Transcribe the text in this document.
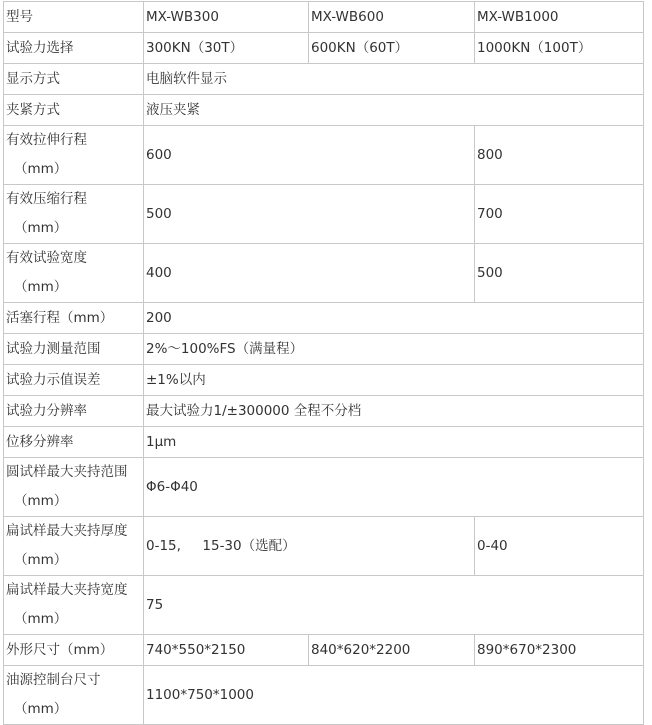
型号	MX-WB300	MX-WB600	MX-WB1000
试验力选择	300KN（30T）	600KN（60T）	1000KN（100T）
显示方式	电脑软件显示		
夹紧方式	液压夹紧		
有效拉伸行程
（mm）	600		800
有效压缩行程
（mm）	500		700
有效试验宽度
（mm）	400		500
活塞行程（mm）	200		
试验力测量范围	2%～100%FS（满量程）		
试验力示值误差	±1%以内		
试验力分辨率	最大试验力1/±300000 全程不分档		
位移分辨率	1μm		
圆试样最大夹持范围
（mm）	Φ6-Φ40		
扁试样最大夹持厚度
（mm）	0-15,     15-30（选配）		0-40
扁试样最大夹持宽度
（mm）	75		
外形尺寸（mm）	740*550*2150	840*620*2200	890*670*2300
油源控制台尺寸
（mm）	1100*750*1000		
